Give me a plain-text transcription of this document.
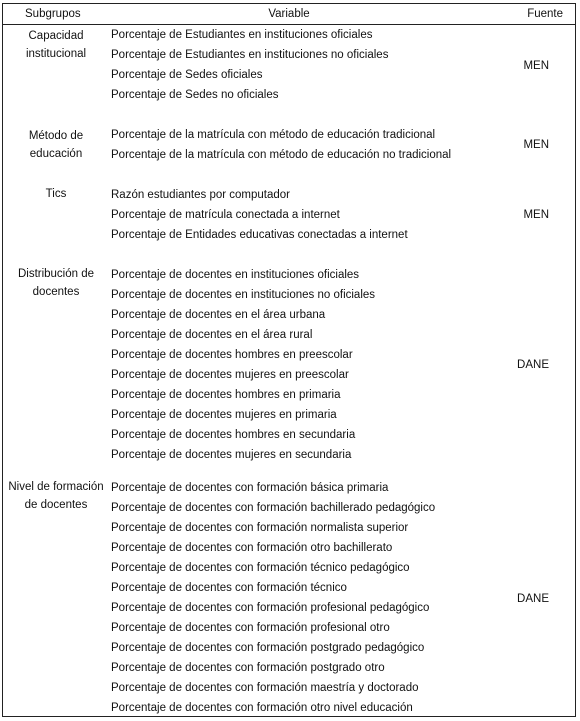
Variable
Subgrupos	Fuente
Capacidad institucional
Porcentaje de Estudiantes en instituciones oficiales
Porcentaje de Estudiantes en instituciones no oficiales
Porcentaje de Sedes oficiales
Porcentaje de Sedes no oficiales
MEN
Método de educación
Porcentaje de la matrícula con método de educación tradicional
Porcentaje de la matrícula con método de educación no tradicional
MEN
Tics	Razón estudiantes por computador
Porcentaje de matrícula conectada a internet
Porcentaje de Entidades educativas conectadas a internet
MEN
Distribución de docentes
Porcentaje de docentes en instituciones oficiales
Porcentaje de docentes en instituciones no oficiales
Porcentaje de docentes en el área urbana
Porcentaje de docentes en el área rural
Porcentaje de docentes hombres en preescolar
Porcentaje de docentes mujeres en preescolar
Porcentaje de docentes hombres en primaria
Porcentaje de docentes mujeres en primaria
Porcentaje de docentes hombres en secundaria
Porcentaje de docentes mujeres en secundaria
DANE
Nivel de formación de docentes
Porcentaje de docentes con formación básica primaria
Porcentaje de docentes con formación bachillerado pedagógico
Porcentaje de docentes con formación normalista superior
Porcentaje de docentes con formación otro bachillerato
Porcentaje de docentes con formación técnico pedagógico
Porcentaje de docentes con formación técnico
Porcentaje de docentes con formación profesional pedagógico
Porcentaje de docentes con formación profesional otro
Porcentaje de docentes con formación postgrado pedagógico
Porcentaje de docentes con formación postgrado otro
Porcentaje de docentes con formación maestría y doctorado
Porcentaje de docentes con formación otro nivel educación
DANE
